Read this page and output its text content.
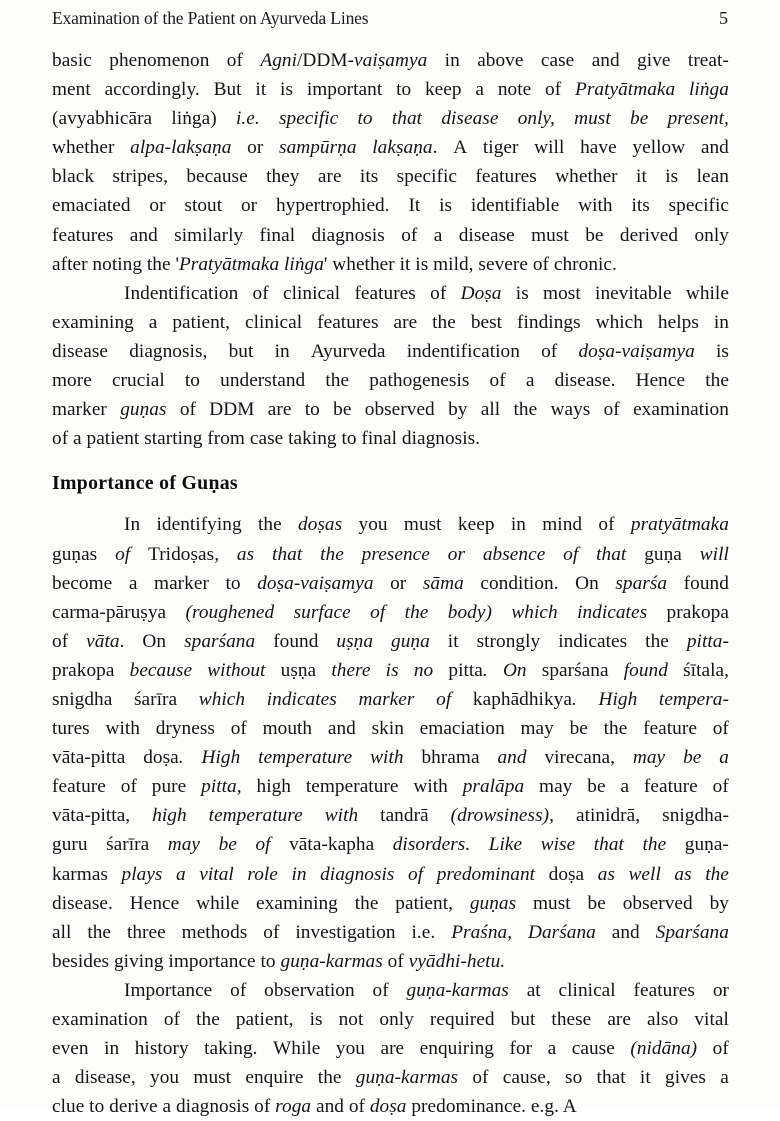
Examination of the Patient on Ayurveda Lines	5
basic phenomenon of Agni/DDM-vaiṣamya in above case and give treat-
ment accordingly. But it is important to keep a note of Pratyātmaka liṅga
(avyabhicāra liṅga) i.e. specific to that disease only, must be present,
whether alpa-lakṣaṇa or sampūrṇa lakṣaṇa. A tiger will have yellow and
black stripes, because they are its specific features whether it is lean
emaciated or stout or hypertrophied. It is identifiable with its specific
features and similarly final diagnosis of a disease must be derived only
after noting the 'Pratyātmaka liṅga' whether it is mild, severe of chronic.
Indentification of clinical features of Doṣa is most inevitable while
examining a patient, clinical features are the best findings which helps in
disease diagnosis, but in Ayurveda indentification of doṣa-vaiṣamya is
more crucial to understand the pathogenesis of a disease. Hence the
marker guṇas of DDM are to be observed by all the ways of examination
of a patient starting from case taking to final diagnosis.
Importance of Guṇas
In identifying the doṣas you must keep in mind of pratyātmaka
guṇas of Tridoṣas, as that the presence or absence of that guṇa will
become a marker to doṣa-vaiṣamya or sāma condition. On sparśa found
carma-pāruṣya (roughened surface of the body) which indicates prakopa
of vāta. On sparśana found uṣṇa guṇa it strongly indicates the pitta-
prakopa because without uṣṇa there is no pitta. On sparśana found śītala,
snigdha śarīra which indicates marker of kaphādhikya. High tempera-
tures with dryness of mouth and skin emaciation may be the feature of
vāta-pitta doṣa. High temperature with bhrama and virecana, may be a
feature of pure pitta, high temperature with pralāpa may be a feature of
vāta-pitta, high temperature with tandrā (drowsiness), atinidrā, snigdha-
guru śarīra may be of vāta-kapha disorders. Like wise that the guṇa-
karmas plays a vital role in diagnosis of predominant doṣa as well as the
disease. Hence while examining the patient, guṇas must be observed by
all the three methods of investigation i.e. Praśna, Darśana and Sparśana
besides giving importance to guṇa-karmas of vyādhi-hetu.
Importance of observation of guṇa-karmas at clinical features or
examination of the patient, is not only required but these are also vital
even in history taking. While you are enquiring for a cause (nidāna) of
a disease, you must enquire the guṇa-karmas of cause, so that it gives a
clue to derive a diagnosis of roga and of doṣa predominance. e.g. A
